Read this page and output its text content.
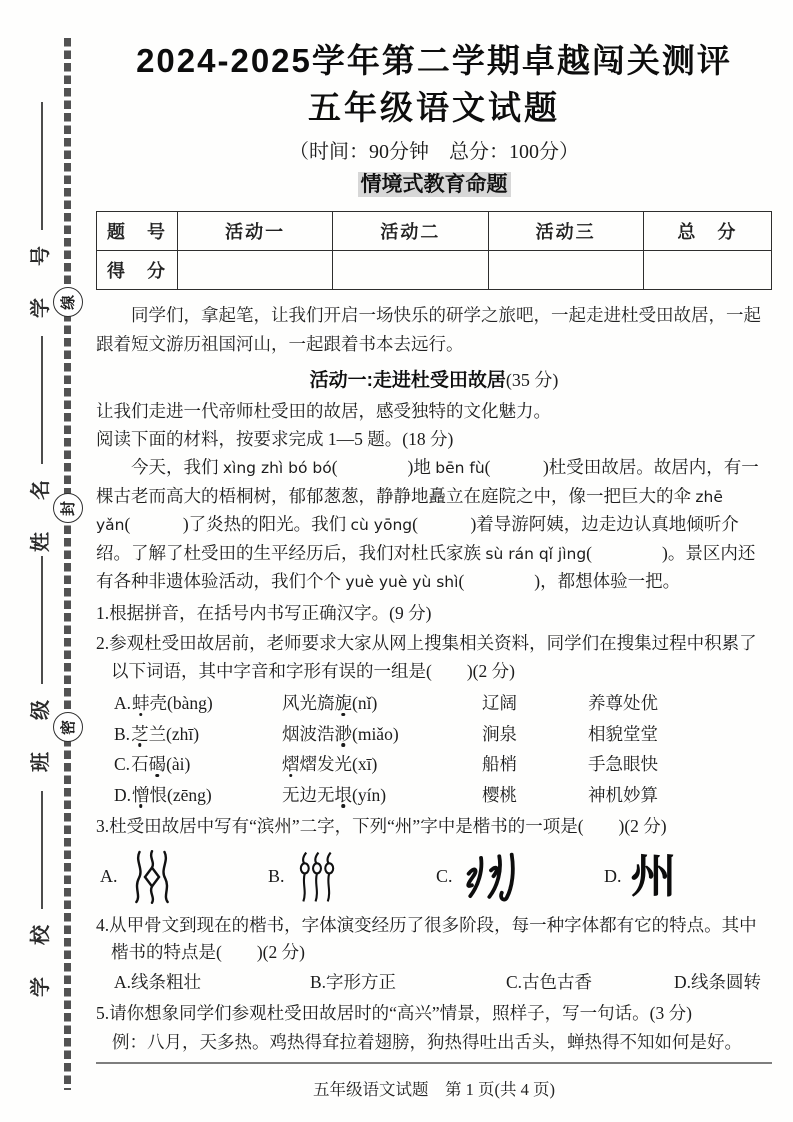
学　号
姓　名
班　级
学　校
缐
封
密
2024-2025学年第二学期卓越闯关测评
五年级语文试题
（时间：90分钟　总分：100分）
情境式教育命题
题　号	活动一	活动二	活动三	总　分
得　分				

同学们，拿起笔，让我们开启一场快乐的研学之旅吧，一起走进杜受田故居，一起跟着短文游历祖国河山，一起跟着书本去远行。

活动一:走进杜受田故居(35 分)

让我们走进一代帝师杜受田的故居，感受独特的文化魅力。

阅读下面的材料，按要求完成 1—5 题。(18 分)

今天，我们 xìng zhì bó bó(　　　　)地 bēn fù(　　　)杜受田故居。故居内，有一棵古老而高大的梧桐树，郁郁葱葱，静静地矗立在庭院之中，像一把巨大的伞 zhē yǎn(　　　)了炎热的阳光。我们 cù yōng(　　　)着导游阿姨，边走边认真地倾听介绍。了解了杜受田的生平经历后，我们对杜氏家族 sù rán qǐ jìng(　　　　)。景区内还有各种非遗体验活动，我们个个 yuè yuè yù shì(　　　　)，都想体验一把。

1.根据拼音，在括号内书写正确汉字。(9 分)

2.参观杜受田故居前，老师要求大家从网上搜集相关资料，同学们在搜集过程中积累了以下词语，其中字音和字形有误的一组是(　　)(2 分)

A.蚌壳(bàng)	风光旖旎(nǐ)	辽阔	养尊处优
B.芝兰(zhī)	烟波浩渺(miǎo)	涧泉	相貌堂堂
C.石碣(ài)	熠熠发光(xī)	船梢	手急眼快
D.憎恨(zēng)	无边无垠(yín)	樱桃	神机妙算

3.杜受田故居中写有“滨州”二字，下列“州”字中是楷书的一项是(　　)(2 分)

A.	B.	C.	D. 州

4.从甲骨文到现在的楷书，字体演变经历了很多阶段，每一种字体都有它的特点。其中楷书的特点是(　　)(2 分)

A.线条粗壮	B.字形方正	C.古色古香	D.线条圆转

5.请你想象同学们参观杜受田故居时的“高兴”情景，照样子，写一句话。(3 分)

例：八月，天多热。鸡热得耷拉着翅膀，狗热得吐出舌头，蝉热得不知如何是好。

五年级语文试题　第 1 页(共 4 页)
